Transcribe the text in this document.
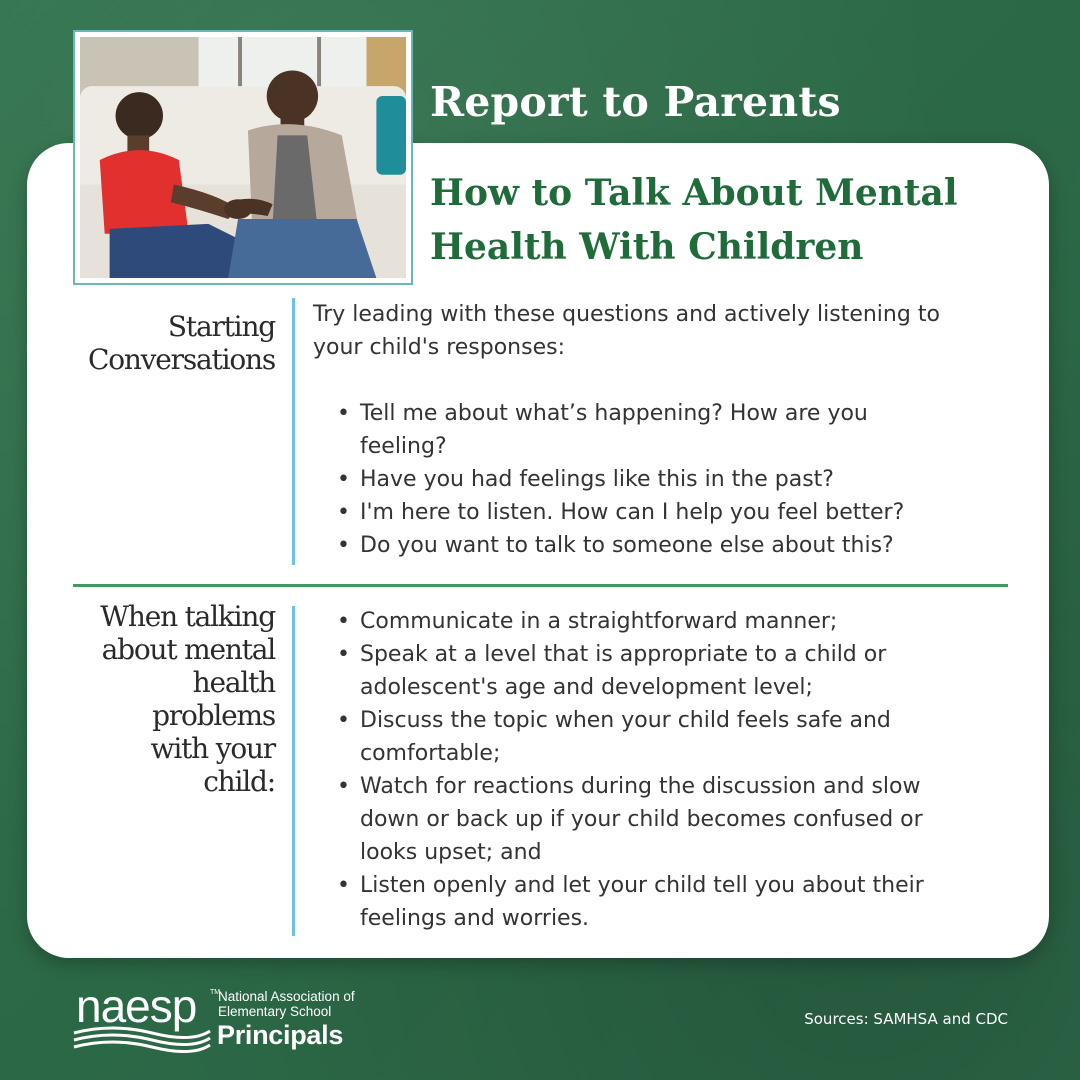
Report to Parents
How to Talk About Mental
Health With Children
Starting
Conversations
Try leading with these questions and actively listening to
your child's responses:
• Tell me about what’s happening? How are you
feeling?
• Have you had feelings like this in the past?
• I'm here to listen. How can I help you feel better?
• Do you want to talk to someone else about this?
When talking
about mental
health
problems
with your
child:
• Communicate in a straightforward manner;
• Speak at a level that is appropriate to a child or
adolescent's age and development level;
• Discuss the topic when your child feels safe and
comfortable;
• Watch for reactions during the discussion and slow
down or back up if your child becomes confused or
looks upset; and
• Listen openly and let your child tell you about their
feelings and worries.
naesp TM
National Association of
Elementary School
Principals
Sources: SAMHSA and CDC
